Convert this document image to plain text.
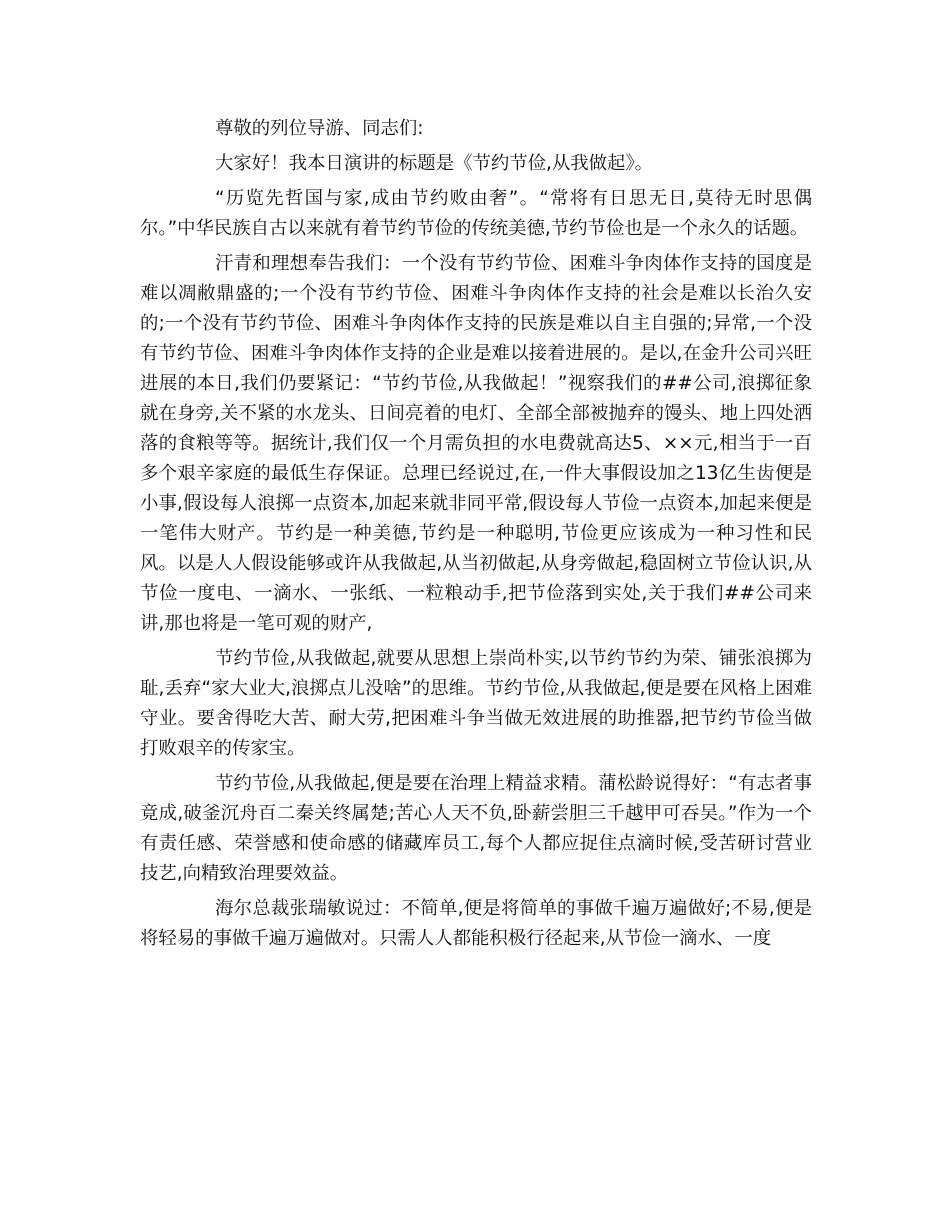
尊敬的列位导游、同志们:

大家好！我本日演讲的标题是《节约节俭,从我做起》。

“历览先哲国与家,成由节约败由奢”。“常将有日思无日,莫待无时思偶尔。”中华民族自古以来就有着节约节俭的传统美德,节约节俭也是一个永久的话题。

汗青和理想奉告我们：一个没有节约节俭、困难斗争肉体作支持的国度是难以凋敝鼎盛的;一个没有节约节俭、困难斗争肉体作支持的社会是难以长治久安的;一个没有节约节俭、困难斗争肉体作支持的民族是难以自主自强的;异常,一个没有节约节俭、困难斗争肉体作支持的企业是难以接着进展的。是以,在金升公司兴旺进展的本日,我们仍要紧记：“节约节俭,从我做起！”视察我们的##公司,浪掷征象就在身旁,关不紧的水龙头、日间亮着的电灯、全部全部被抛弃的馒头、地上四处洒落的食粮等等。据统计,我们仅一个月需负担的水电费就高达5、××元,相当于一百多个艰辛家庭的最低生存保证。总理已经说过,在,一件大事假设加之13亿生齿便是小事,假设每人浪掷一点资本,加起来就非同平常,假设每人节俭一点资本,加起来便是一笔伟大财产。节约是一种美德,节约是一种聪明,节俭更应该成为一种习性和民风。以是人人假设能够或许从我做起,从当初做起,从身旁做起,稳固树立节俭认识,从节俭一度电、一滴水、一张纸、一粒粮动手,把节俭落到实处,关于我们##公司来讲,那也将是一笔可观的财产,

节约节俭,从我做起,就要从思想上崇尚朴实,以节约节约为荣、铺张浪掷为耻,丢弃“家大业大,浪掷点儿没啥”的思维。节约节俭,从我做起,便是要在风格上困难守业。要舍得吃大苦、耐大劳,把困难斗争当做无效进展的助推器,把节约节俭当做打败艰辛的传家宝。

节约节俭,从我做起,便是要在治理上精益求精。蒲松龄说得好：“有志者事竟成,破釜沉舟百二秦关终属楚;苦心人天不负,卧薪尝胆三千越甲可吞吴。”作为一个有责任感、荣誉感和使命感的储藏库员工,每个人都应捉住点滴时候,受苦研讨营业技艺,向精致治理要效益。

海尔总裁张瑞敏说过：不简单,便是将简单的事做千遍万遍做好;不易,便是将轻易的事做千遍万遍做对。只需人人都能积极行径起来,从节俭一滴水、一度
